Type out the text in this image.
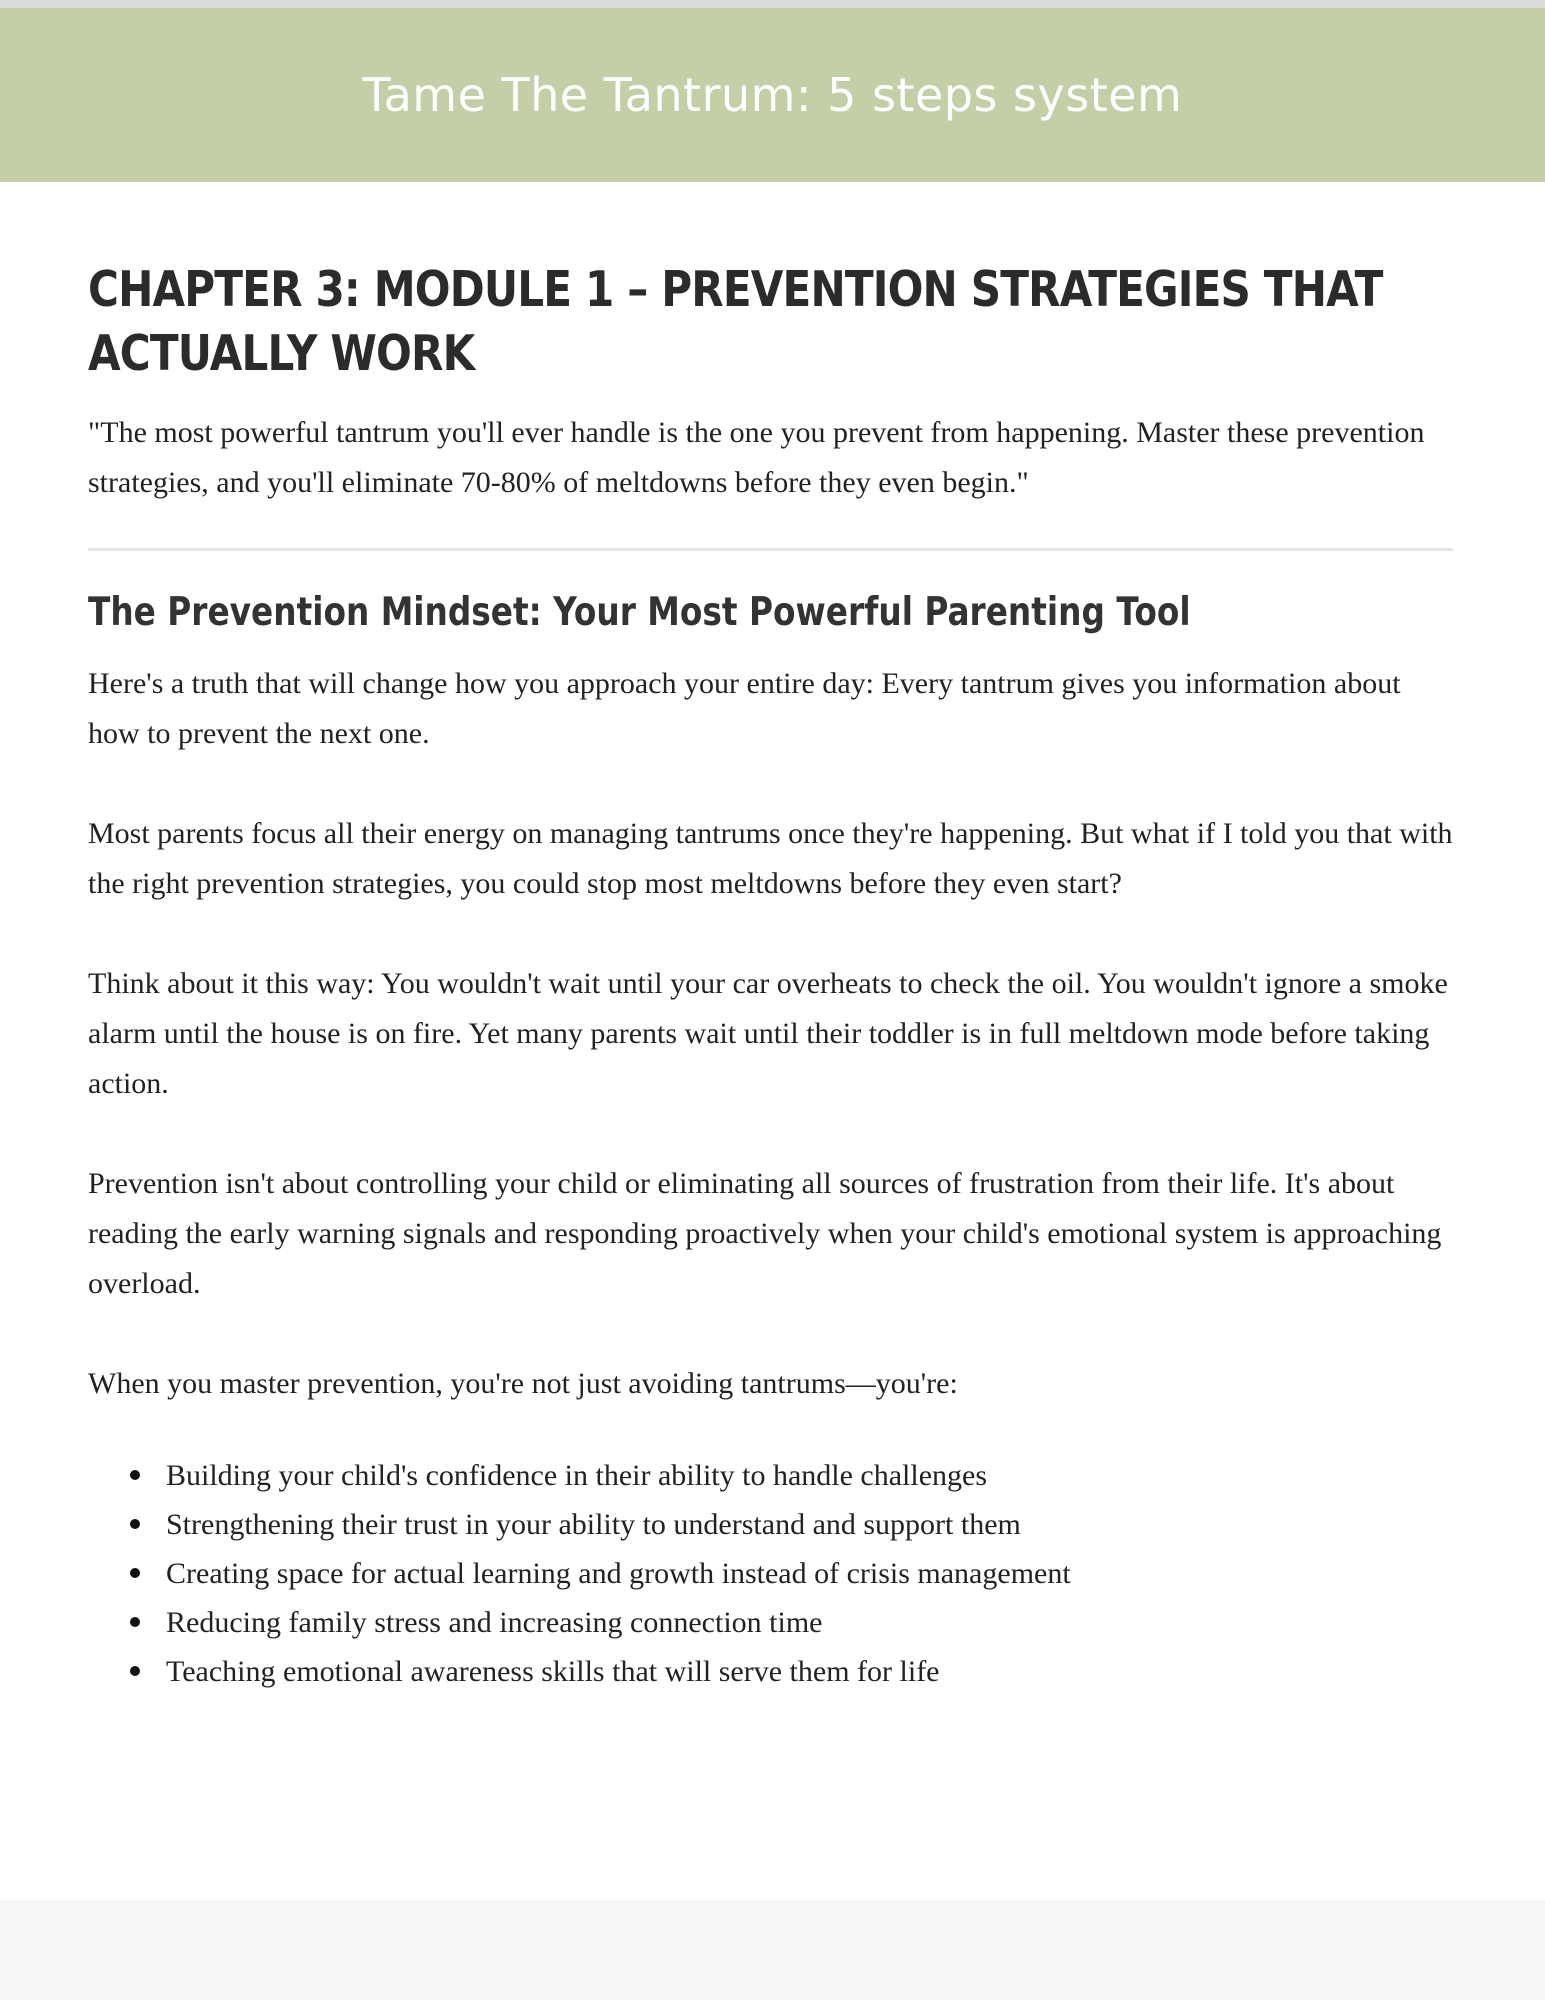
Tame The Tantrum: 5 steps system
CHAPTER 3: MODULE 1 – PREVENTION STRATEGIES THAT ACTUALLY WORK

"The most powerful tantrum you'll ever handle is the one you prevent from happening. Master these prevention strategies, and you'll eliminate 70-80% of meltdowns before they even begin."

The Prevention Mindset: Your Most Powerful Parenting Tool

Here's a truth that will change how you approach your entire day: Every tantrum gives you information about how to prevent the next one.

Most parents focus all their energy on managing tantrums once they're happening. But what if I told you that with the right prevention strategies, you could stop most meltdowns before they even start?

Think about it this way: You wouldn't wait until your car overheats to check the oil. You wouldn't ignore a smoke alarm until the house is on fire. Yet many parents wait until their toddler is in full meltdown mode before taking action.

Prevention isn't about controlling your child or eliminating all sources of frustration from their life. It's about reading the early warning signals and responding proactively when your child's emotional system is approaching overload.

When you master prevention, you're not just avoiding tantrums—you're:

Building your child's confidence in their ability to handle challenges
Strengthening their trust in your ability to understand and support them
Creating space for actual learning and growth instead of crisis management
Reducing family stress and increasing connection time
Teaching emotional awareness skills that will serve them for life
